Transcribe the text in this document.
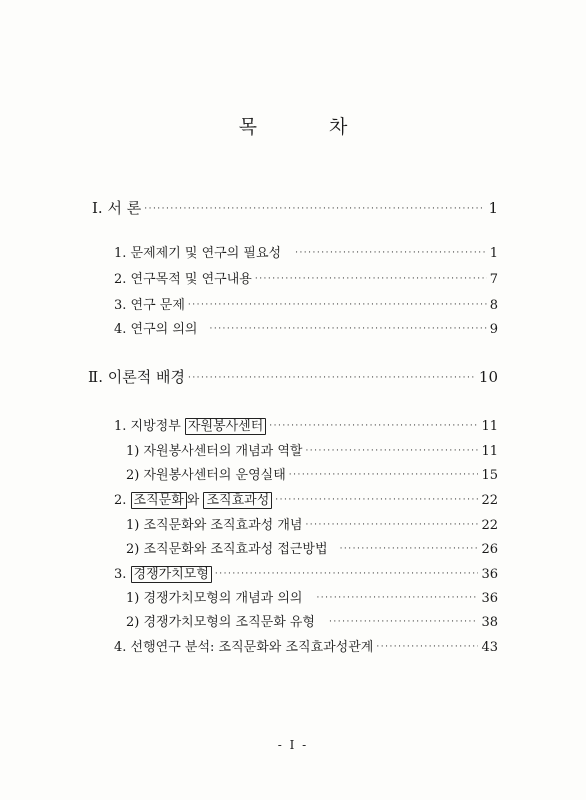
목	차
Ⅰ. 서 론 ·····	1
1. 문제제기 및 연구의 필요성 ·····	1
2. 연구목적 및 연구내용 ·····	7
3. 연구 문제 ·····	8
4. 연구의 의의 ·····	9
Ⅱ. 이론적 배경 ·····	10
1. 지방정부 자원봉사센터 ·····	11
1) 자원봉사센터의 개념과 역할 ·····	11
2) 자원봉사센터의 운영실태 ·····	15
2. 조직문화 와 조직효과성 ·····	22
1) 조직문화와 조직효과성 개념 ·····	22
2) 조직문화와 조직효과성 접근방법 ·····	26
3. 경쟁가치모형 ·····	36
1) 경쟁가치모형의 개념과 의의 ·····	36
2) 경쟁가치모형의 조직문화 유형 ·····	38
4. 선행연구 분석: 조직문화와 조직효과성관계 ·····	43
- I -
